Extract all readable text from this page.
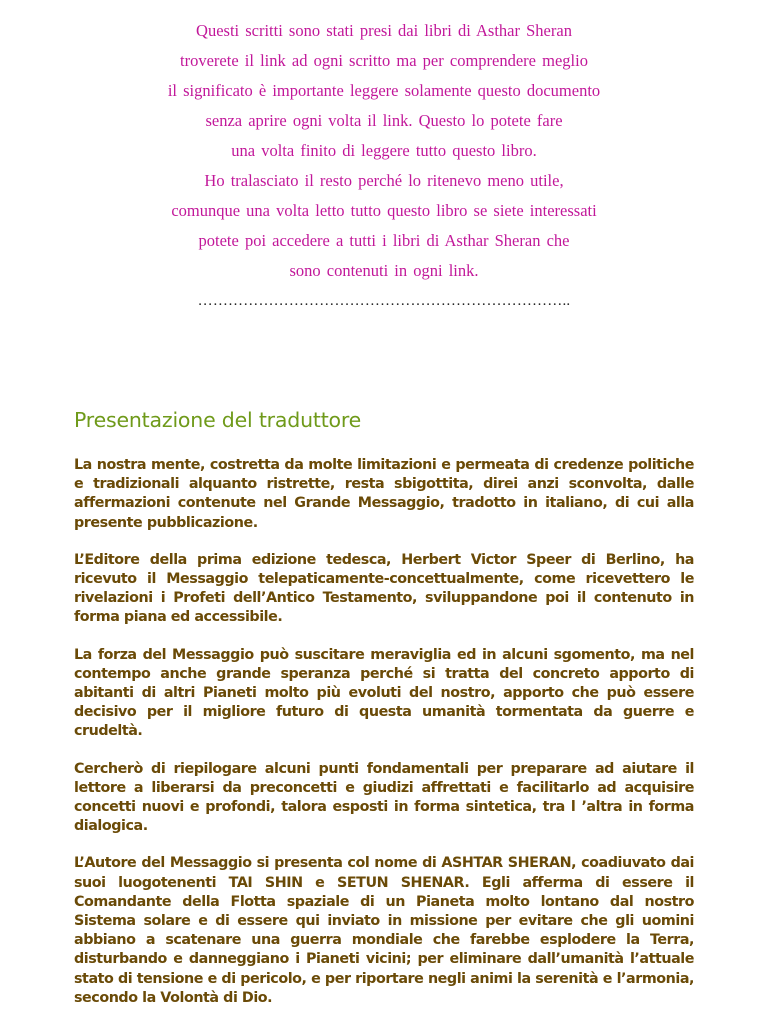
Questi scritti sono stati presi dai libri di Asthar Sheran
troverete il link ad ogni scritto ma per comprendere meglio
il significato è importante leggere solamente questo documento
senza aprire ogni volta il link. Questo lo potete fare
una volta finito di leggere tutto questo libro.
Ho tralasciato il resto perché lo ritenevo meno utile,
comunque una volta letto tutto questo libro se siete interessati
potete poi accedere a tutti i libri di Asthar Sheran che
sono contenuti in ogni link.
………………………………………………………………..
Presentazione del traduttore

La nostra mente, costretta da molte limitazioni e permeata di credenze politiche e tradizionali alquanto ristrette, resta sbigottita, direi anzi sconvolta, dalle affermazioni contenute nel Grande Messaggio, tradotto in italiano, di cui alla presente pubblicazione.

L’Editore della prima edizione tedesca, Herbert Victor Speer di Berlino, ha ricevuto il Messaggio telepaticamente-concettualmente, come ricevettero le rivelazioni i Profeti dell’Antico Testamento, sviluppandone poi il contenuto in forma piana ed accessibile.

La forza del Messaggio può suscitare meraviglia ed in alcuni sgomento, ma nel contempo anche grande speranza perché si tratta del concreto apporto di abitanti di altri Pianeti molto più evoluti del nostro, apporto che può essere decisivo per il migliore futuro di questa umanità tormentata da guerre e crudeltà.

Cercherò di riepilogare alcuni punti fondamentali per preparare ad aiutare il lettore a liberarsi da preconcetti e giudizi affrettati e facilitarlo ad acquisire concetti nuovi e profondi, talora esposti in forma sintetica, tra l ’altra in forma dialogica.

L’Autore del Messaggio si presenta col nome di ASHTAR SHERAN, coadiuvato dai suoi luogotenenti TAI SHIN e SETUN SHENAR. Egli afferma di essere il Comandante della Flotta spaziale di un Pianeta molto lontano dal nostro Sistema solare e di essere qui inviato in missione per evitare che gli uomini abbiano a scatenare una guerra mondiale che farebbe esplodere la Terra, disturbando e danneggiano i Pianeti vicini; per eliminare dall’umanità l’attuale stato di tensione e di pericolo, e per riportare negli animi la serenità e l’armonia, secondo la Volontà di Dio.
